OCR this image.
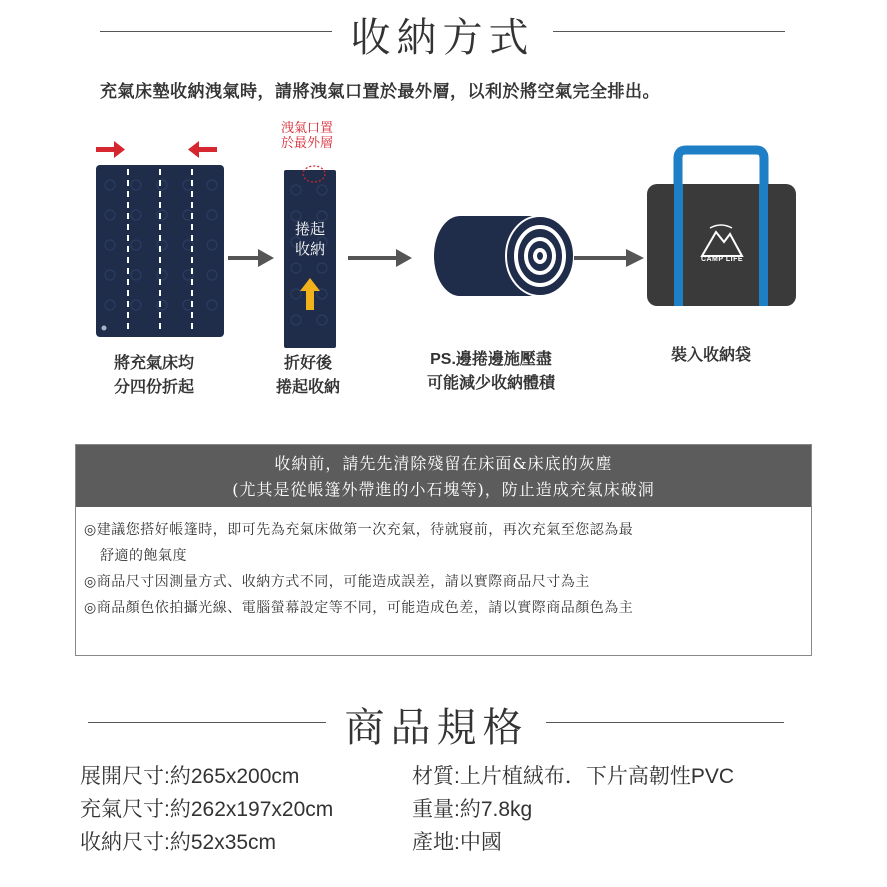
收納方式
充氣床墊收納洩氣時，請將洩氣口置於最外層，以利於將空氣完全排出。
洩氣口置
於最外層
捲起
收納
CAMP LIFE
將充氣床均
分四份折起
折好後
捲起收納
PS.邊捲邊施壓盡
可能減少收納體積
裝入收納袋
收納前，請先先清除殘留在床面&床底的灰塵
(尤其是從帳篷外帶進的小石塊等)，防止造成充氣床破洞
◎建議您搭好帳篷時，即可先為充氣床做第一次充氣，待就寢前，再次充氣至您認為最
舒適的飽氣度
◎商品尺寸因測量方式、收納方式不同，可能造成誤差，請以實際商品尺寸為主
◎商品顏色依拍攝光線、電腦螢幕設定等不同，可能造成色差，請以實際商品顏色為主
商品規格
展開尺寸:約265x200cm
充氣尺寸:約262x197x20cm
收納尺寸:約52x35cm
材質:上片植絨布．下片高韌性PVC
重量:約7.8kg
產地:中國
